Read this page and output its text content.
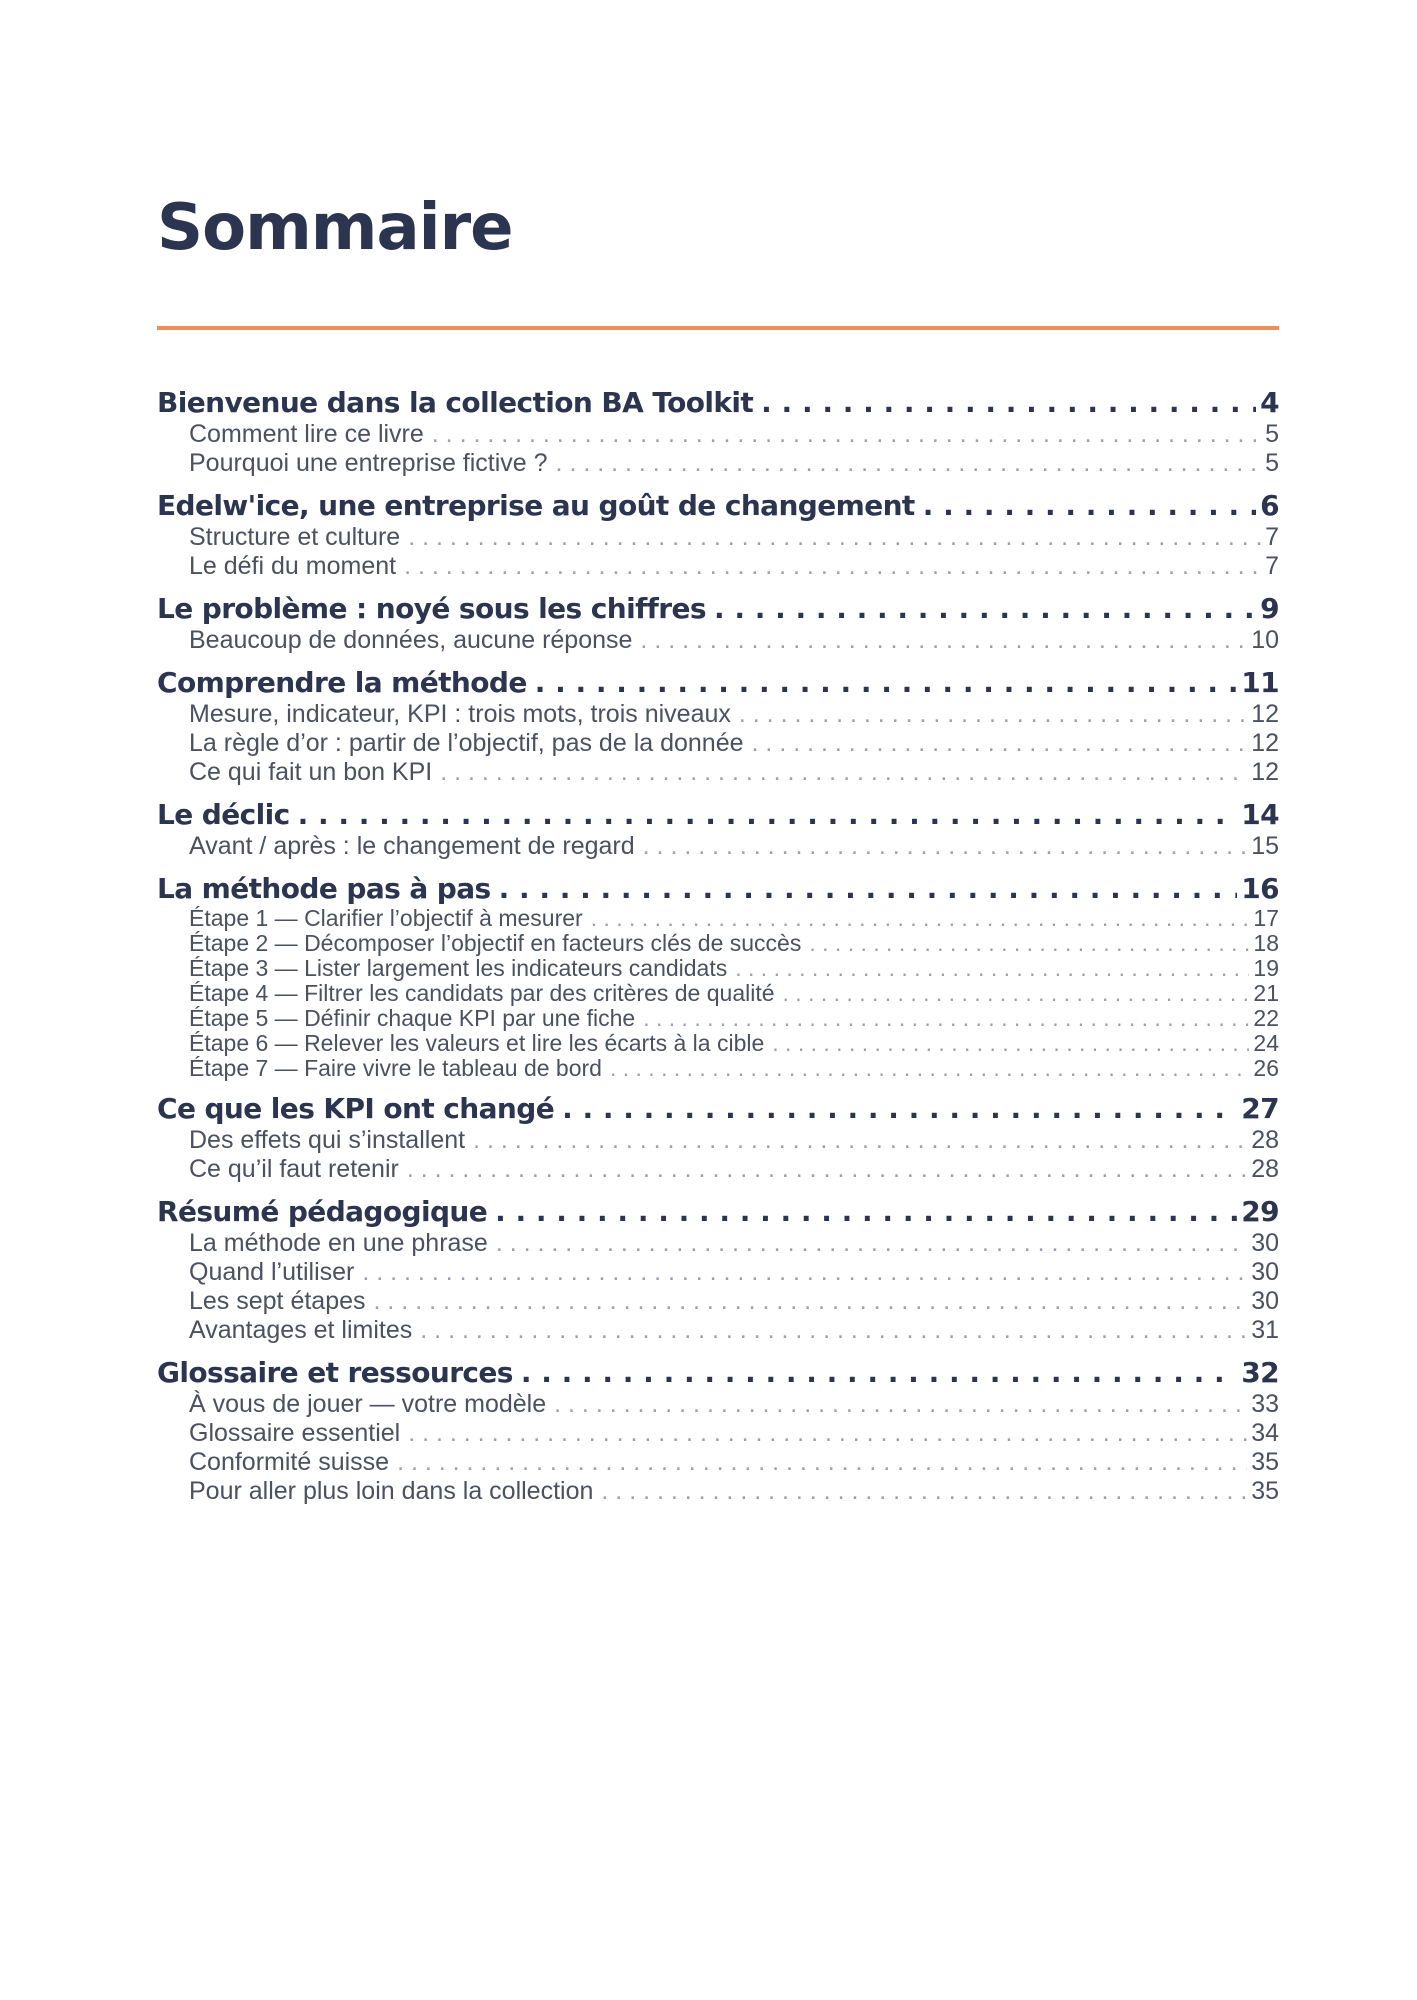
Sommaire
Bienvenue dans la collection BA Toolkit . . .	4
Comment lire ce livre . . .	5
Pourquoi une entreprise fictive ? . . .	5
Edelw'ice, une entreprise au goût de changement . . .	6
Structure et culture . . .	7
Le défi du moment . . .	7
Le problème : noyé sous les chiffres . . .	9
Beaucoup de données, aucune réponse . . .	10
Comprendre la méthode . . .	11
Mesure, indicateur, KPI : trois mots, trois niveaux . . .	12
La règle d’or : partir de l’objectif, pas de la donnée . . .	12
Ce qui fait un bon KPI . . .	12
Le déclic . . .	14
Avant / après : le changement de regard . . .	15
La méthode pas à pas . . .	16
Étape 1 — Clarifier l’objectif à mesurer . . .	17
Étape 2 — Décomposer l’objectif en facteurs clés de succès . . .	18
Étape 3 — Lister largement les indicateurs candidats . . .	19
Étape 4 — Filtrer les candidats par des critères de qualité . . .	21
Étape 5 — Définir chaque KPI par une fiche . . .	22
Étape 6 — Relever les valeurs et lire les écarts à la cible . . .	24
Étape 7 — Faire vivre le tableau de bord . . .	26
Ce que les KPI ont changé . . .	27
Des effets qui s’installent . . .	28
Ce qu’il faut retenir . . .	28
Résumé pédagogique . . .	29
La méthode en une phrase . . .	30
Quand l’utiliser . . .	30
Les sept étapes . . .	30
Avantages et limites . . .	31
Glossaire et ressources . . .	32
À vous de jouer — votre modèle . . .	33
Glossaire essentiel . . .	34
Conformité suisse . . .	35
Pour aller plus loin dans la collection . . .	35
